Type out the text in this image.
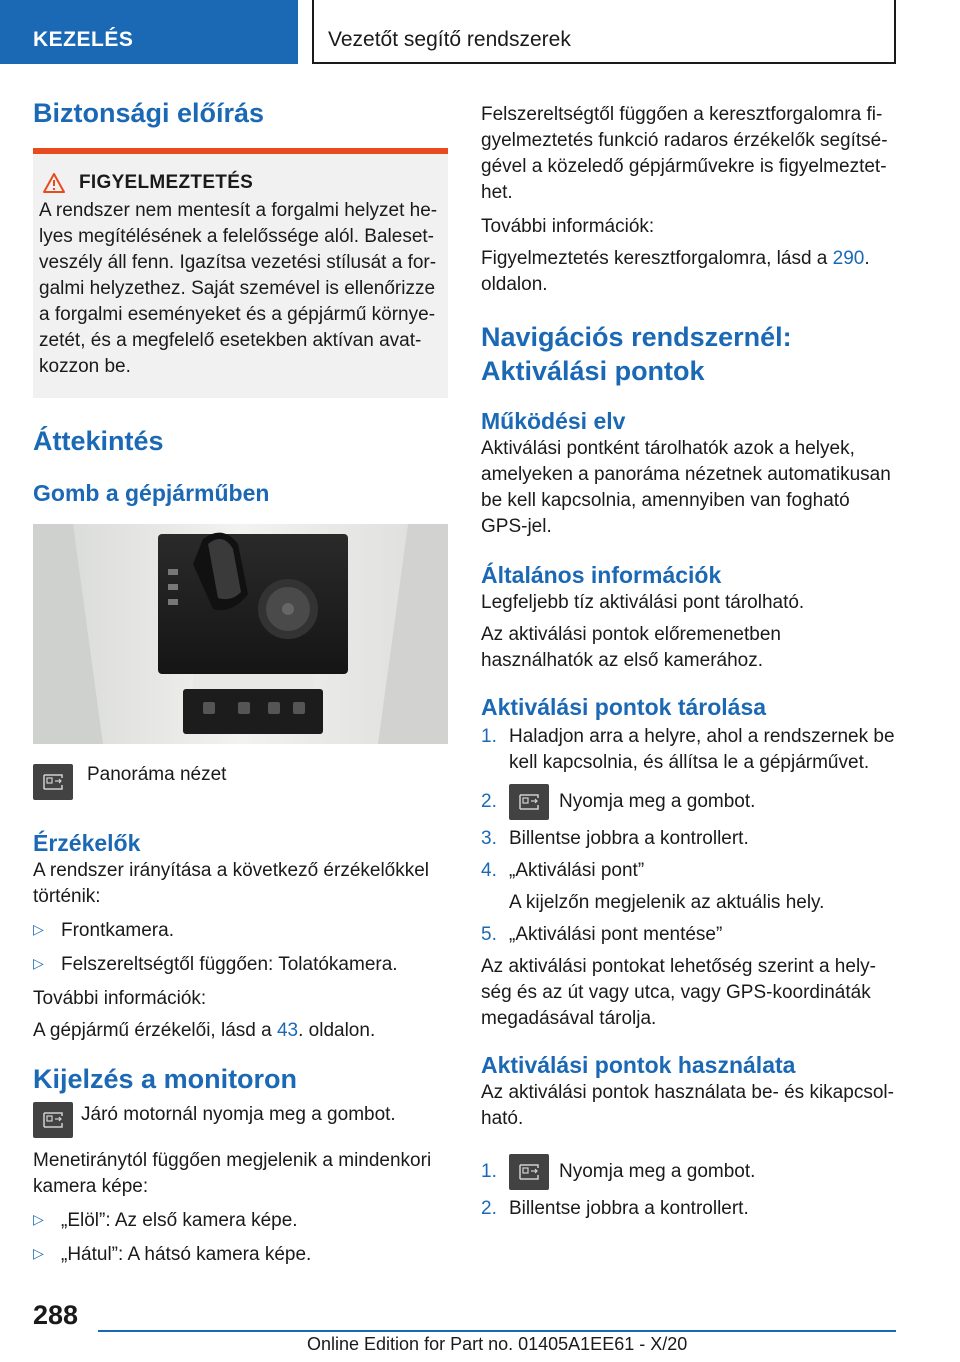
KEZELÉS	Vezetőt segítő rendszerek
Biztonsági előírás
FIGYELMEZTETÉS

A rendszer nem mentesít a forgalmi helyzet he-lyes megítélésének a felelőssége alól. Baleset-veszély áll fenn. Igazítsa vezetési stílusát a for-galmi helyzethez. Saját szemével is ellenőrizze a forgalmi eseményeket és a gépjármű környe-zetét, és a megfelelő esetekben aktívan avat-kozzon be.

Áttekintés
Gomb a gépjárműben

Panoráma nézet

Érzékelők

A rendszer irányítása a következő érzékelőkkel történik:

▷ Frontkamera.

▷ Felszereltségtől függően: Tolatókamera.

További információk:

A gépjármű érzékelői, lásd a 43. oldalon.

Kijelzés a monitoron

Járó motornál nyomja meg a gombot.

Menetiránytól függően megjelenik a mindenkori kamera képe:

▷ „Elöl”: Az első kamera képe.

▷ „Hátul”: A hátsó kamera képe.

Felszereltségtől függően a keresztforgalomra fi-gyelmeztetés funkció radaros érzékelők segítsé-gével a közeledő gépjárművekre is figyelmeztet-het.

További információk:

Figyelmeztetés keresztforgalomra, lásd a 290. oldalon.

Navigációs rendszernél:
Aktiválási pontok
Működési elv

Aktiválási pontként tárolhatók azok a helyek, amelyeken a panoráma nézetnek automatikusan be kell kapcsolnia, amennyiben van fogható GPS-jel.

Általános információk

Legfeljebb tíz aktiválási pont tárolható.

Az aktiválási pontok előremenetben használhatók az első kamerához.

Aktiválási pontok tárolása
1. Haladjon arra a helyre, ahol a rendszernek be kell kapcsolnia, és állítsa le a gépjárművet.

2.	Nyomja meg a gombot.

3. Billentse jobbra a kontrollert.

4. „Aktiválási pont”

A kijelzőn megjelenik az aktuális hely.

5. „Aktiválási pont mentése”

Az aktiválási pontokat lehetőség szerint a hely-ség és az út vagy utca, vagy GPS-koordináták megadásával tárolja.

Aktiválási pontok használata

Az aktiválási pontok használata be- és kikapcsol-ható.

1.	Nyomja meg a gombot.

2. Billentse jobbra a kontrollert.

288
Online Edition for Part no. 01405A1EE61 - X/20
